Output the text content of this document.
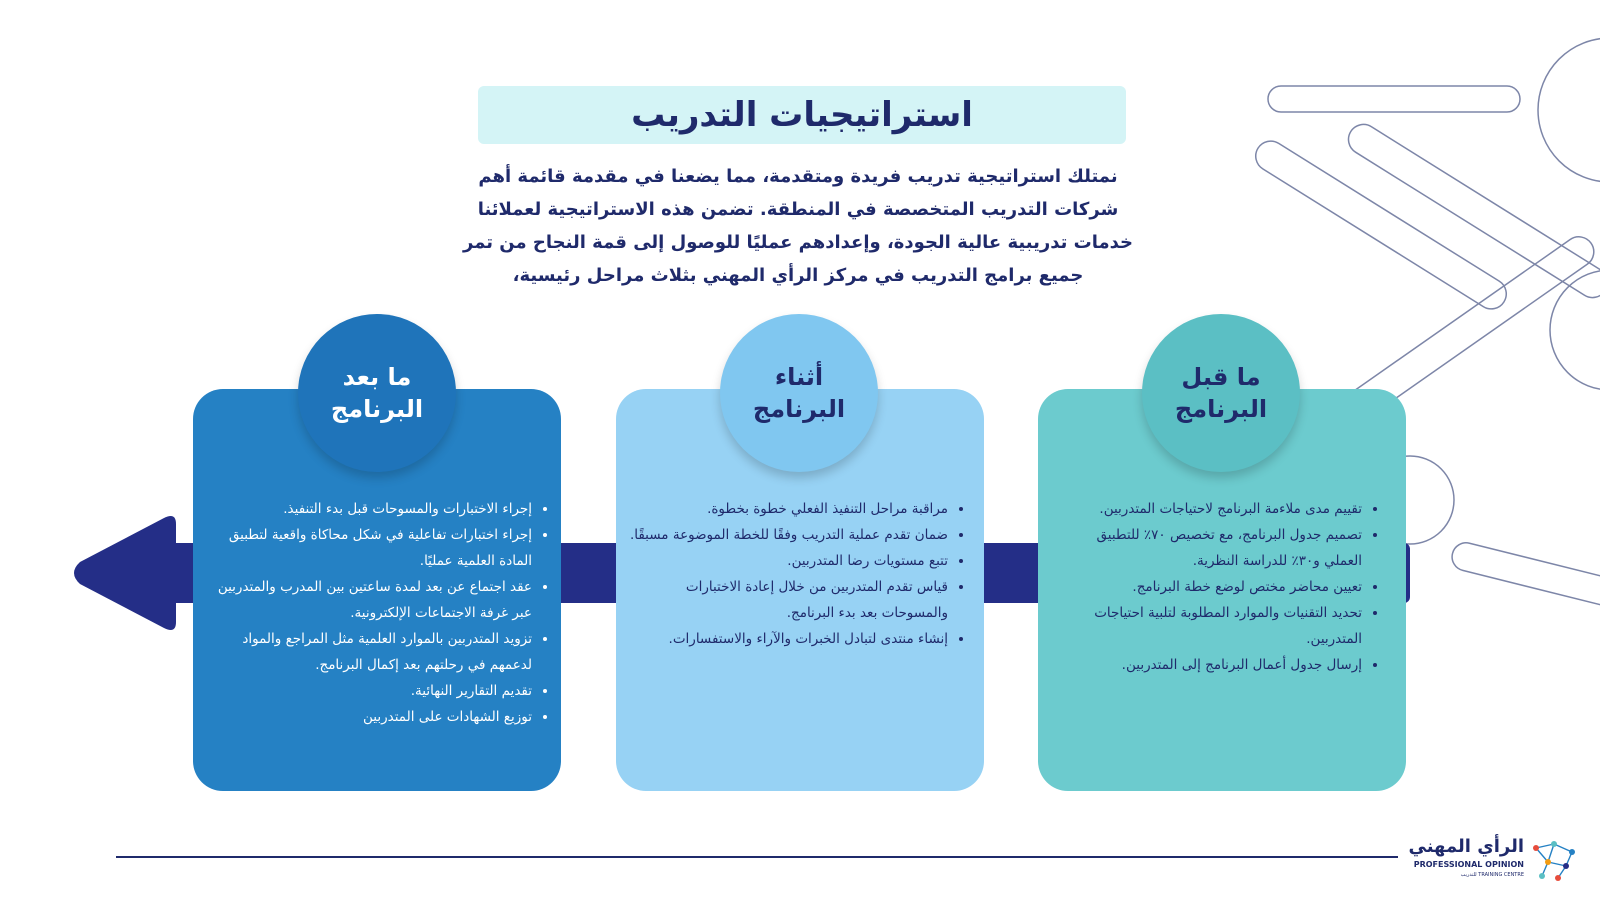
استراتيجيات التدريب
نمتلك استراتيجية تدريب فريدة ومتقدمة، مما يضعنا في مقدمة قائمة أهم شركات التدريب المتخصصة في المنطقة. تضمن هذه الاستراتيجية لعملائنا خدمات تدريبية عالية الجودة، وإعدادهم عمليًا للوصول إلى قمة النجاح من تمر جميع برامج التدريب في مركز الرأي المهني بثلاث مراحل رئيسية،
ما قبل البرنامج
أثناء البرنامج
ما بعد البرنامج
• تقييم مدى ملاءمة البرنامج لاحتياجات المتدربين.
• تصميم جدول البرنامج، مع تخصيص ٧٠٪ للتطبيق العملي و٣٠٪ للدراسة النظرية.
• تعيين محاضر مختص لوضع خطة البرنامج.
• تحديد التقنيات والموارد المطلوبة لتلبية احتياجات المتدربين.
• إرسال جدول أعمال البرنامج إلى المتدربين.
• مراقبة مراحل التنفيذ الفعلي خطوة بخطوة.
• ضمان تقدم عملية التدريب وفقًا للخطة الموضوعة مسبقًا.
• تتبع مستويات رضا المتدربين.
• قياس تقدم المتدربين من خلال إعادة الاختبارات والمسوحات بعد بدء البرنامج.
• إنشاء منتدى لتبادل الخبرات والآراء والاستفسارات.
• إجراء الاختبارات والمسوحات قبل بدء التنفيذ.
• إجراء اختبارات تفاعلية في شكل محاكاة واقعية لتطبيق المادة العلمية عمليًا.
• عقد اجتماع عن بعد لمدة ساعتين بين المدرب والمتدربين عبر غرفة الاجتماعات الإلكترونية.
• تزويد المتدربين بالموارد العلمية مثل المراجع والمواد لدعمهم في رحلتهم بعد إكمال البرنامج.
• تقديم التقارير النهائية.
• توزيع الشهادات على المتدربين
الرأي المهني
PROFESSIONAL OPINION
TRAINING CENTRE للتدريب
